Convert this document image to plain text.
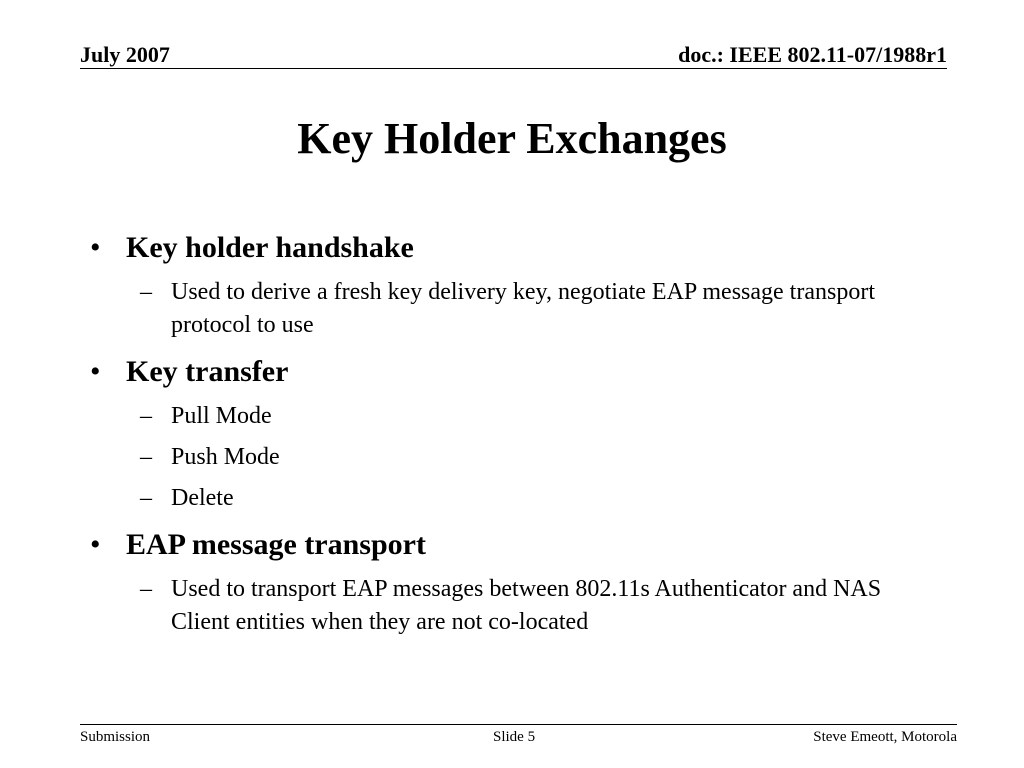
July 2007	doc.: IEEE 802.11-07/1988r1
Key Holder Exchanges
• Key holder handshake
– Used to derive a fresh key delivery key, negotiate EAP message transport protocol to use
• Key transfer
– Pull Mode
– Push Mode
– Delete
• EAP message transport
– Used to transport EAP messages between 802.11s Authenticator and NAS Client entities when they are not co-located
Submission	Slide 5	Steve Emeott, Motorola
